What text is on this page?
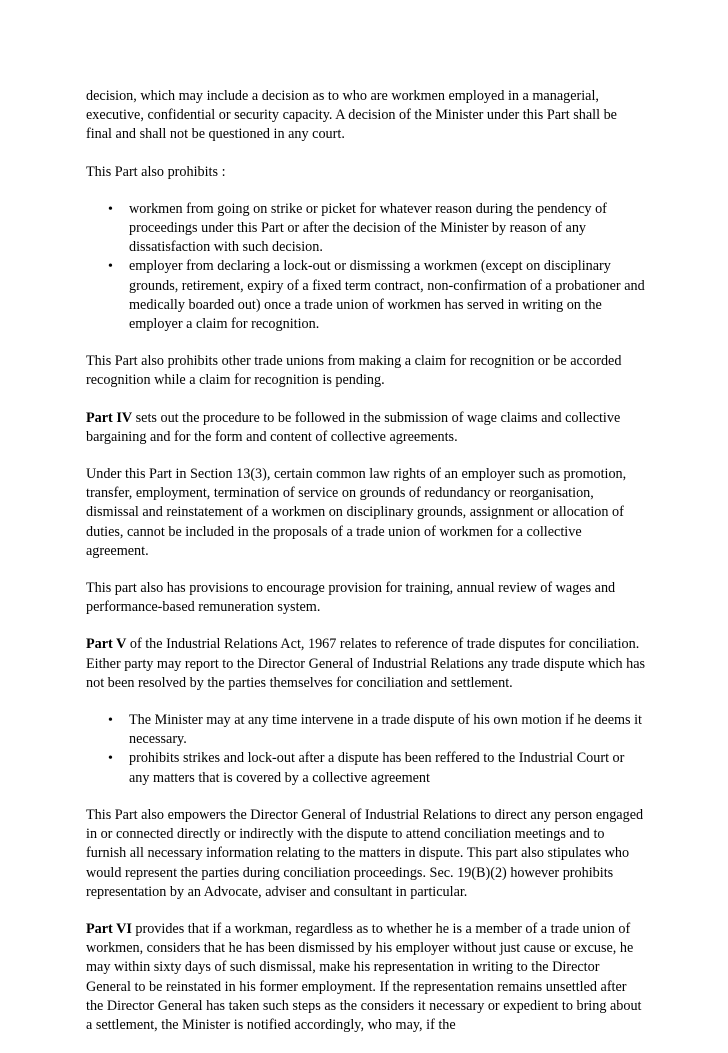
decision, which may include a decision as to who are workmen employed in a managerial, executive, confidential or security capacity. A decision of the Minister under this Part shall be final and shall not be questioned in any court.

This Part also prohibits :

• workmen from going on strike or picket for whatever reason during the pendency of proceedings under this Part or after the decision of the Minister by reason of any dissatisfaction with such decision.
• employer from declaring a lock-out or dismissing a workmen (except on disciplinary grounds, retirement, expiry of a fixed term contract, non-confirmation of a probationer and medically boarded out) once a trade union of workmen has served in writing on the employer a claim for recognition.

This Part also prohibits other trade unions from making a claim for recognition or be accorded recognition while a claim for recognition is pending.

Part IV sets out the procedure to be followed in the submission of wage claims and collective bargaining and for the form and content of collective agreements.

Under this Part in Section 13(3), certain common law rights of an employer such as promotion, transfer, employment, termination of service on grounds of redundancy or reorganisation, dismissal and reinstatement of a workmen on disciplinary grounds, assignment or allocation of duties, cannot be included in the proposals of a trade union of workmen for a collective agreement.

This part also has provisions to encourage provision for training, annual review of wages and performance-based remuneration system.

Part V of the Industrial Relations Act, 1967 relates to reference of trade disputes for conciliation. Either party may report to the Director General of Industrial Relations any trade dispute which has not been resolved by the parties themselves for conciliation and settlement.

• The Minister may at any time intervene in a trade dispute of his own motion if he deems it necessary.
• prohibits strikes and lock-out after a dispute has been reffered to the Industrial Court or any matters that is covered by a collective agreement

This Part also empowers the Director General of Industrial Relations to direct any person engaged in or connected directly or indirectly with the dispute to attend conciliation meetings and to furnish all necessary information relating to the matters in dispute. This part also stipulates who would represent the parties during conciliation proceedings. Sec. 19(B)(2) however prohibits representation by an Advocate, adviser and consultant in particular.

Part VI provides that if a workman, regardless as to whether he is a member of a trade union of workmen, considers that he has been dismissed by his employer without just cause or excuse, he may within sixty days of such dismissal, make his representation in writing to the Director General to be reinstated in his former employment. If the representation remains unsettled after the Director General has taken such steps as the considers it necessary or expedient to bring about a settlement, the Minister is notified accordingly, who may, if the
